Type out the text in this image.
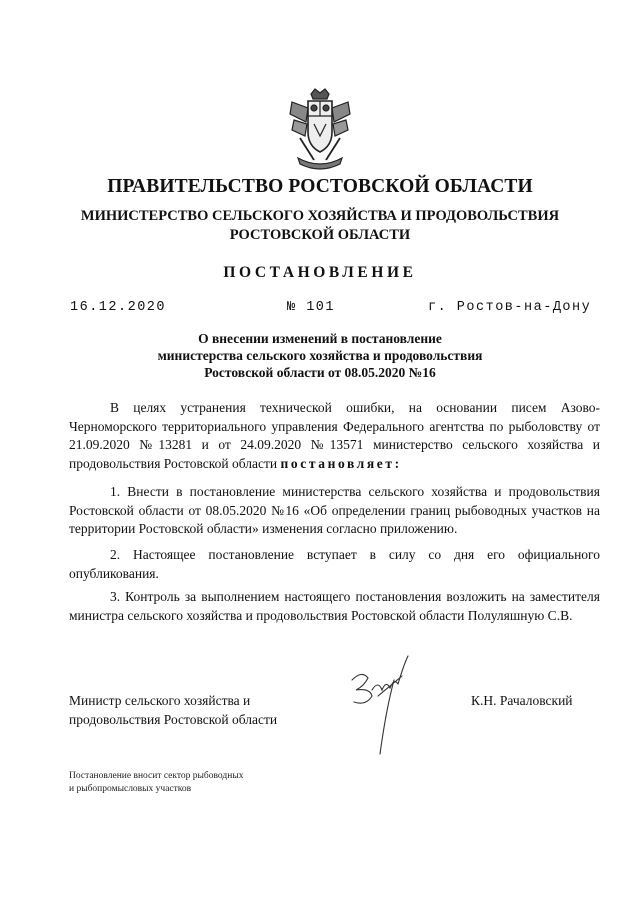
ПРАВИТЕЛЬСТВО РОСТОВСКОЙ ОБЛАСТИ
МИНИСТЕРСТВО СЕЛЬСКОГО ХОЗЯЙСТВА И ПРОДОВОЛЬСТВИЯ
РОСТОВСКОЙ ОБЛАСТИ
ПОСТАНОВЛЕНИЕ
16.12.2020	№ 101	г. Ростов-на-Дону
О внесении изменений в постановление
министерства сельского хозяйства и продовольствия
Ростовской области от 08.05.2020 №16
В целях устранения технической ошибки, на основании писем Азово-Черноморского территориального управления Федерального агентства по рыболовству от 21.09.2020 №13281 и от 24.09.2020 №13571 министерство сельского хозяйства и продовольствия Ростовской области постановляет:
1. Внести в постановление министерства сельского хозяйства и продовольствия Ростовской области от 08.05.2020 №16 «Об определении границ рыбоводных участков на территории Ростовской области» изменения согласно приложению.
2. Настоящее постановление вступает в силу со дня его официального опубликования.
3. Контроль за выполнением настоящего постановления возложить на заместителя министра сельского хозяйства и продовольствия Ростовской области Полуляшную С.В.
Министр сельского хозяйства и
продовольствия Ростовской области
К.Н. Рачаловский
Постановление вносит сектор рыбоводных
и рыбопромысловых участков
